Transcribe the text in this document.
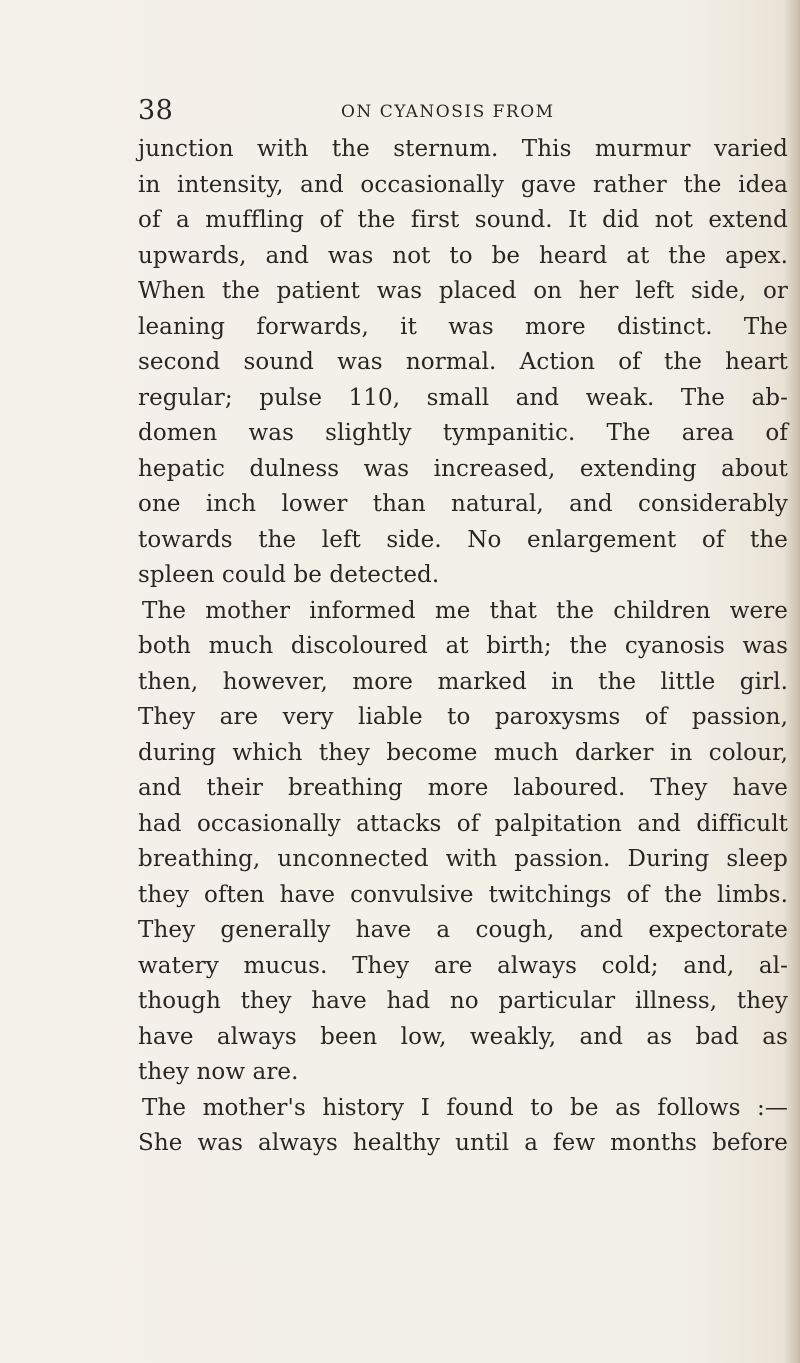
38	ON CYANOSIS FROM
junction with the sternum. This murmur varied
in intensity, and occasionally gave rather the idea
of a muffling of the first sound. It did not extend
upwards, and was not to be heard at the apex.
When the patient was placed on her left side, or
leaning forwards, it was more distinct. The
second sound was normal. Action of the heart
regular; pulse 110, small and weak. The ab-
domen was slightly tympanitic. The area of
hepatic dulness was increased, extending about
one inch lower than natural, and considerably
towards the left side. No enlargement of the
spleen could be detected.
The mother informed me that the children were
both much discoloured at birth; the cyanosis was
then, however, more marked in the little girl.
They are very liable to paroxysms of passion,
during which they become much darker in colour,
and their breathing more laboured. They have
had occasionally attacks of palpitation and difficult
breathing, unconnected with passion. During sleep
they often have convulsive twitchings of the limbs.
They generally have a cough, and expectorate
watery mucus. They are always cold; and, al-
though they have had no particular illness, they
have always been low, weakly, and as bad as
they now are.
The mother's history I found to be as follows :—
She was always healthy until a few months before
